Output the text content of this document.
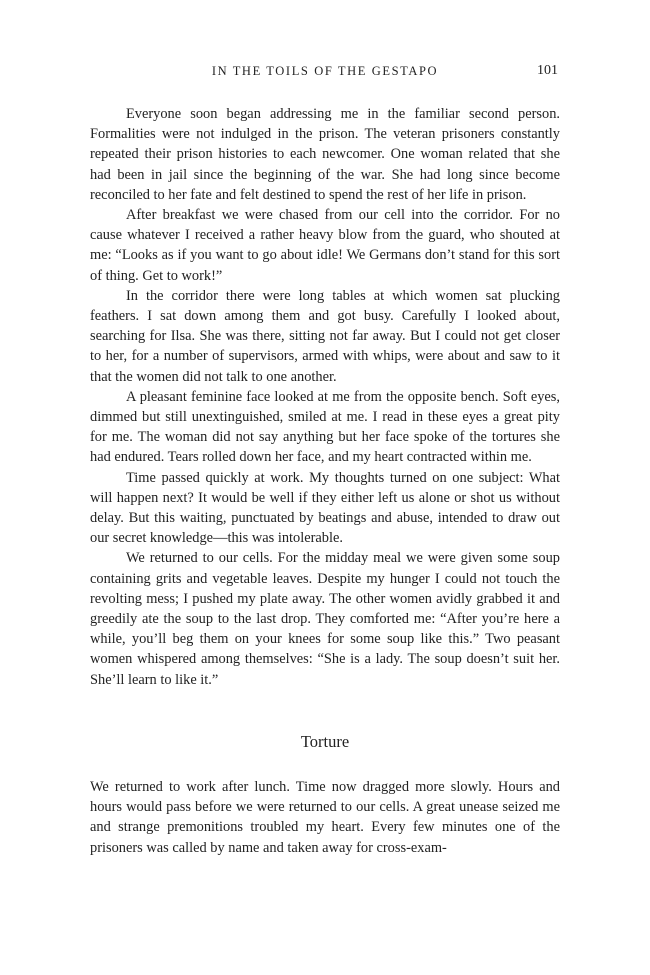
IN THE TOILS OF THE GESTAPO	101

Everyone soon began addressing me in the familiar second person. Formalities were not indulged in the prison. The veteran prisoners constantly repeated their prison histories to each newcomer. One woman related that she had been in jail since the beginning of the war. She had long since become reconciled to her fate and felt destined to spend the rest of her life in prison.

After breakfast we were chased from our cell into the corridor. For no cause whatever I received a rather heavy blow from the guard, who shouted at me: “Looks as if you want to go about idle! We Germans don’t stand for this sort of thing. Get to work!”

In the corridor there were long tables at which women sat plucking feathers. I sat down among them and got busy. Carefully I looked about, searching for Ilsa. She was there, sitting not far away. But I could not get closer to her, for a number of supervisors, armed with whips, were about and saw to it that the women did not talk to one another.

A pleasant feminine face looked at me from the opposite bench. Soft eyes, dimmed but still unextinguished, smiled at me. I read in these eyes a great pity for me. The woman did not say anything but her face spoke of the tortures she had endured. Tears rolled down her face, and my heart contracted within me.

Time passed quickly at work. My thoughts turned on one subject: What will happen next? It would be well if they either left us alone or shot us without delay. But this waiting, punctuated by beatings and abuse, intended to draw out our secret knowledge—this was intolerable.

We returned to our cells. For the midday meal we were given some soup containing grits and vegetable leaves. Despite my hunger I could not touch the revolting mess; I pushed my plate away. The other women avidly grabbed it and greedily ate the soup to the last drop. They comforted me: “After you’re here a while, you’ll beg them on your knees for some soup like this.” Two peasant women whispered among themselves: “She is a lady. The soup doesn’t suit her. She’ll learn to like it.”

Torture

We returned to work after lunch. Time now dragged more slowly. Hours and hours would pass before we were returned to our cells. A great unease seized me and strange premonitions troubled my heart. Every few minutes one of the prisoners was called by name and taken away for cross-exam-
